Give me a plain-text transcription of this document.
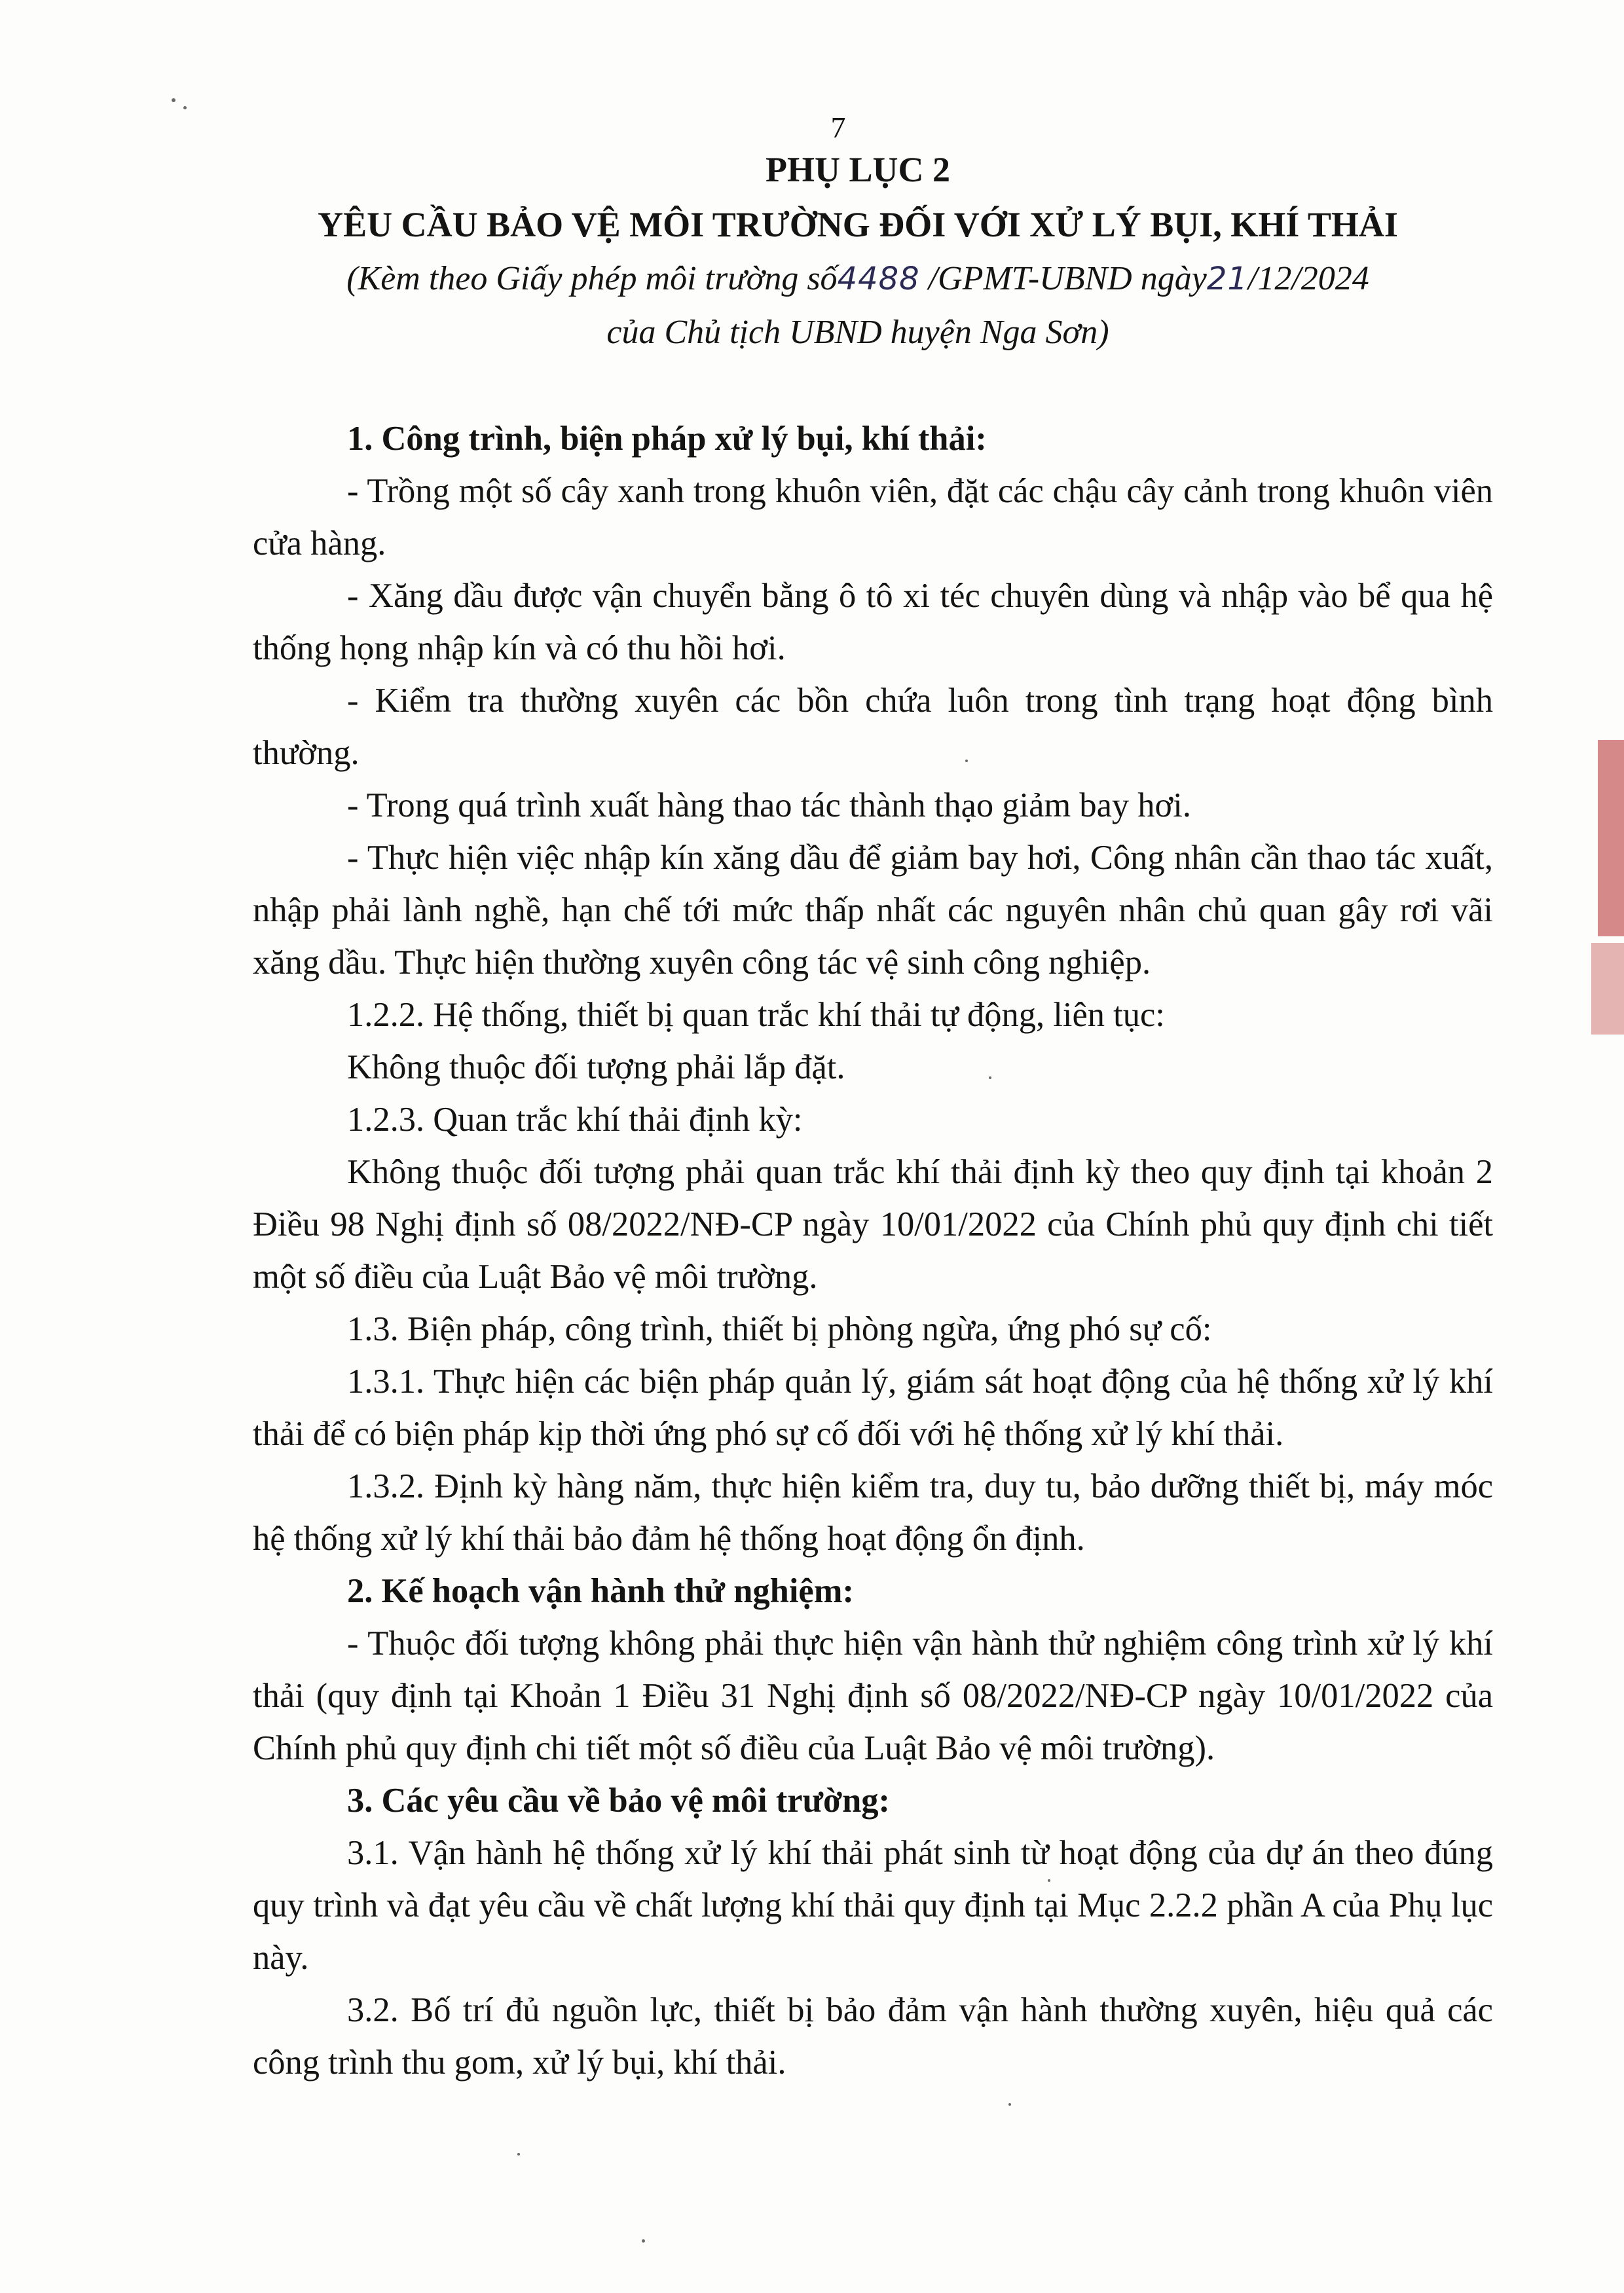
7
PHỤ LỤC 2
YÊU CẦU BẢO VỆ MÔI TRƯỜNG ĐỐI VỚI XỬ LÝ BỤI, KHÍ THẢI
(Kèm theo Giấy phép môi trường số4488 /GPMT-UBND ngày21/12/2024
của Chủ tịch UBND huyện Nga Sơn)

1. Công trình, biện pháp xử lý bụi, khí thải:

- Trồng một số cây xanh trong khuôn viên, đặt các chậu cây cảnh trong khuôn viên cửa hàng.

- Xăng dầu được vận chuyển bằng ô tô xi téc chuyên dùng và nhập vào bể qua hệ thống họng nhập kín và có thu hồi hơi.

- Kiểm tra thường xuyên các bồn chứa luôn trong tình trạng hoạt động bình thường.

- Trong quá trình xuất hàng thao tác thành thạo giảm bay hơi.

- Thực hiện việc nhập kín xăng dầu để giảm bay hơi, Công nhân cần thao tác xuất, nhập phải lành nghề, hạn chế tới mức thấp nhất các nguyên nhân chủ quan gây rơi vãi xăng dầu. Thực hiện thường xuyên công tác vệ sinh công nghiệp.

1.2.2. Hệ thống, thiết bị quan trắc khí thải tự động, liên tục:

Không thuộc đối tượng phải lắp đặt.

1.2.3. Quan trắc khí thải định kỳ:

Không thuộc đối tượng phải quan trắc khí thải định kỳ theo quy định tại khoản 2 Điều 98 Nghị định số 08/2022/NĐ-CP ngày 10/01/2022 của Chính phủ quy định chi tiết một số điều của Luật Bảo vệ môi trường.

1.3. Biện pháp, công trình, thiết bị phòng ngừa, ứng phó sự cố:

1.3.1. Thực hiện các biện pháp quản lý, giám sát hoạt động của hệ thống xử lý khí thải để có biện pháp kịp thời ứng phó sự cố đối với hệ thống xử lý khí thải.

1.3.2. Định kỳ hàng năm, thực hiện kiểm tra, duy tu, bảo dưỡng thiết bị, máy móc hệ thống xử lý khí thải bảo đảm hệ thống hoạt động ổn định.

2. Kế hoạch vận hành thử nghiệm:

- Thuộc đối tượng không phải thực hiện vận hành thử nghiệm công trình xử lý khí thải (quy định tại Khoản 1 Điều 31 Nghị định số 08/2022/NĐ-CP ngày 10/01/2022 của Chính phủ quy định chi tiết một số điều của Luật Bảo vệ môi trường).

3. Các yêu cầu về bảo vệ môi trường:

3.1. Vận hành hệ thống xử lý khí thải phát sinh từ hoạt động của dự án theo đúng quy trình và đạt yêu cầu về chất lượng khí thải quy định tại Mục 2.2.2 phần A của Phụ lục này.

3.2. Bố trí đủ nguồn lực, thiết bị bảo đảm vận hành thường xuyên, hiệu quả các công trình thu gom, xử lý bụi, khí thải.
